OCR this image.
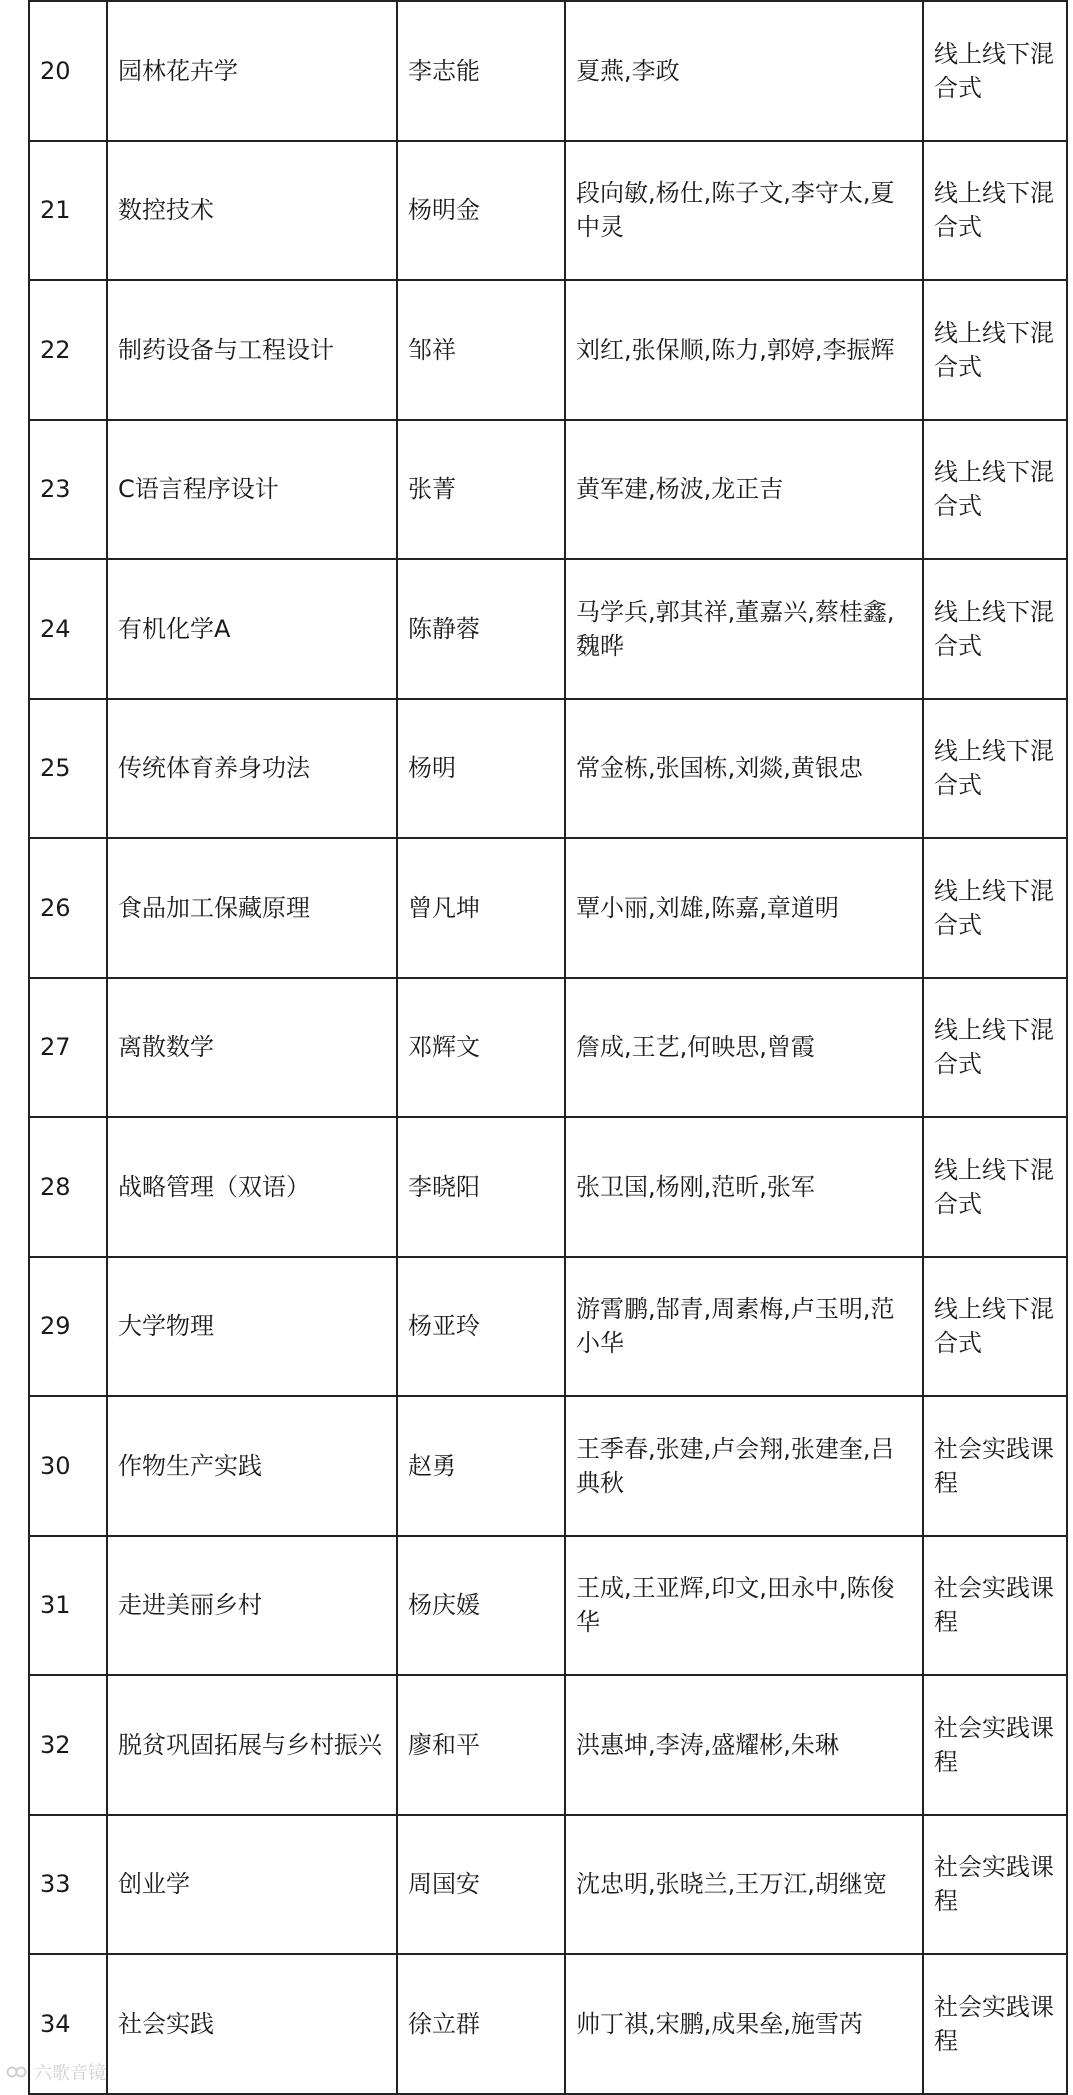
20	园林花卉学	李志能	夏燕,李政	线上线下混合式
21	数控技术	杨明金	段向敏,杨仕,陈子文,李守太,夏中灵	线上线下混合式
22	制药设备与工程设计	邹祥	刘红,张保顺,陈力,郭婷,李振辉	线上线下混合式
23	C语言程序设计	张菁	黄军建,杨波,龙正吉	线上线下混合式
24	有机化学A	陈静蓉	马学兵,郭其祥,董嘉兴,蔡桂鑫,魏晔	线上线下混合式
25	传统体育养身功法	杨明	常金栋,张国栋,刘燚,黄银忠	线上线下混合式
26	食品加工保藏原理	曾凡坤	覃小丽,刘雄,陈嘉,章道明	线上线下混合式
27	离散数学	邓辉文	詹成,王艺,何映思,曾霞	线上线下混合式
28	战略管理（双语）	李晓阳	张卫国,杨刚,范昕,张军	线上线下混合式
29	大学物理	杨亚玲	游霄鹏,郜青,周素梅,卢玉明,范小华	线上线下混合式
30	作物生产实践	赵勇	王季春,张建,卢会翔,张建奎,吕典秋	社会实践课程
31	走进美丽乡村	杨庆媛	王成,王亚辉,印文,田永中,陈俊华	社会实践课程
32	脱贫巩固拓展与乡村振兴	廖和平	洪惠坤,李涛,盛耀彬,朱琳	社会实践课程
33	创业学	周国安	沈忠明,张晓兰,王万江,胡继宽	社会实践课程
34	社会实践	徐立群	帅丁祺,宋鹏,成果垒,施雪芮	社会实践课程
六歌音镜
